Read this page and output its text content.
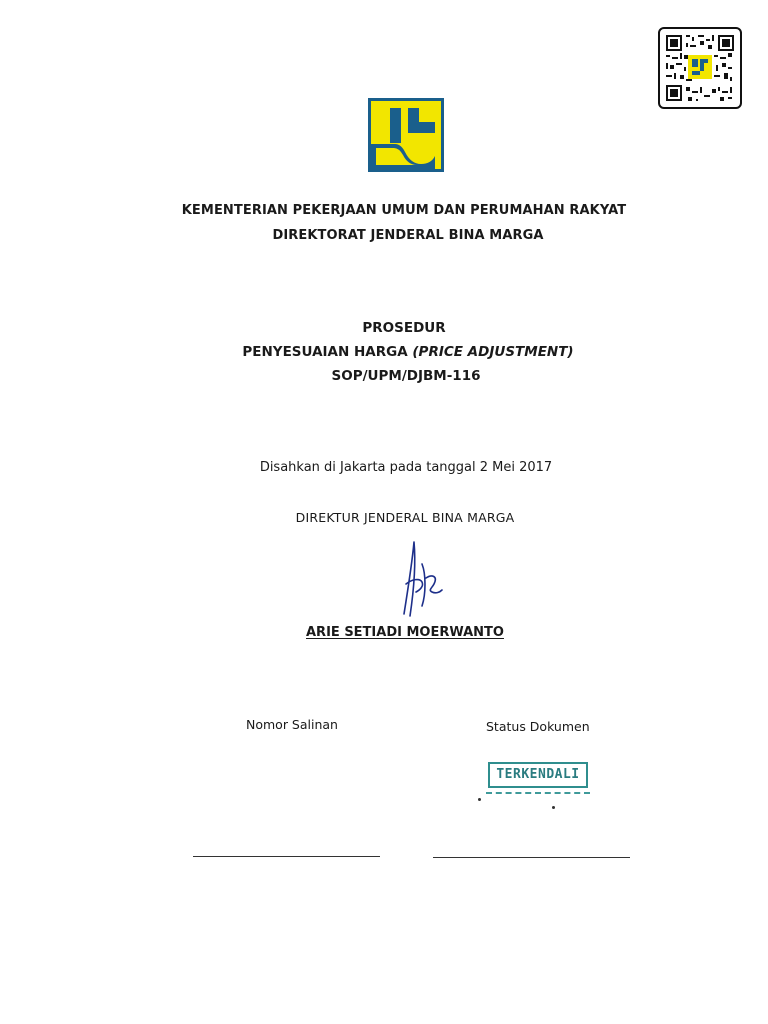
KEMENTERIAN PEKERJAAN UMUM DAN PERUMAHAN RAKYAT
DIREKTORAT JENDERAL BINA MARGA
PROSEDUR
PENYESUAIAN HARGA (PRICE ADJUSTMENT)
SOP/UPM/DJBM-116
Disahkan di Jakarta pada tanggal 2 Mei 2017
DIREKTUR JENDERAL BINA MARGA
ARIE SETIADI MOERWANTO
Nomor Salinan	Status Dokumen
TERKENDALI
